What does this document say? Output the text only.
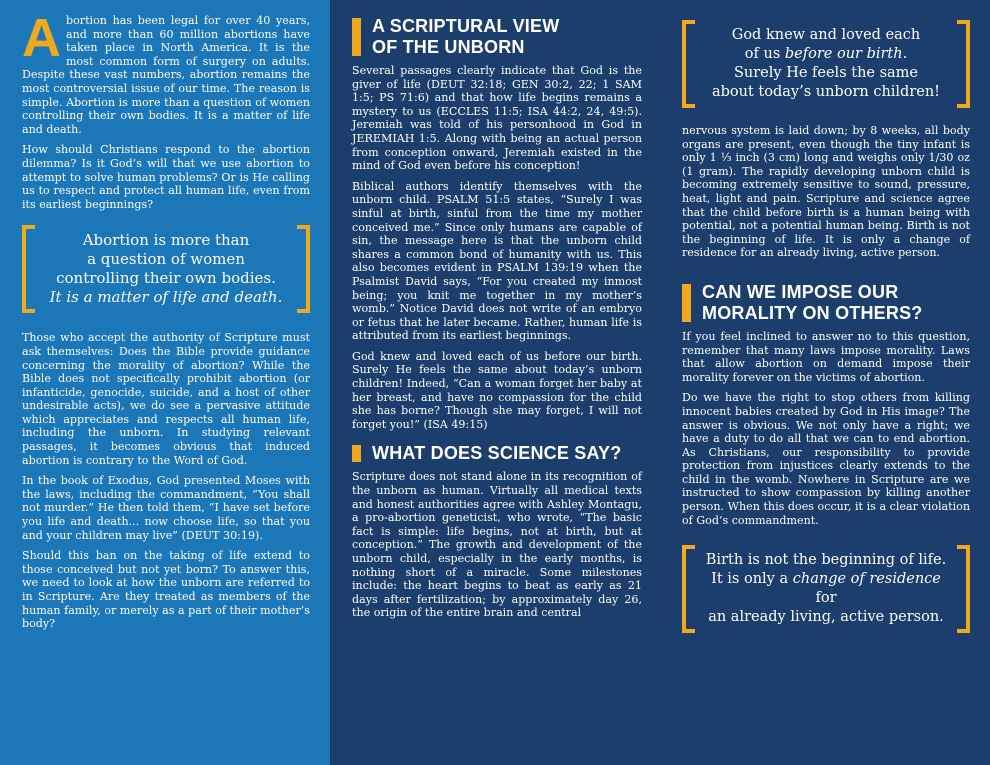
Abortion has been legal for over 40 years, and more than 60 million abortions have taken place in North America. It is the most common form of surgery on adults. Despite these vast numbers, abortion remains the most controversial issue of our time. The reason is simple. Abortion is more than a question of women controlling their own bodies. It is a matter of life and death.

How should Christians respond to the abortion dilemma? Is it God’s will that we use abortion to attempt to solve human problems? Or is He calling us to respect and protect all human life, even from its earliest beginnings?

Abortion is more than
a question of women
controlling their own bodies.
It is a matter of life and death.

Those who accept the authority of Scripture must ask themselves: Does the Bible provide guidance concerning the morality of abortion? While the Bible does not specifically prohibit abortion (or infanticide, genocide, suicide, and a host of other undesirable acts), we do see a pervasive attitude which appreciates and respects all human life, including the unborn. In studying relevant passages, it becomes obvious that induced abortion is contrary to the Word of God.

In the book of Exodus, God presented Moses with the laws, including the commandment, “You shall not murder.” He then told them, “I have set before you life and death... now choose life, so that you and your children may live” (DEUT 30:19).

Should this ban on the taking of life extend to those conceived but not yet born? To answer this, we need to look at how the unborn are referred to in Scripture. Are they treated as members of the human family, or merely as a part of their mother’s body?

A SCRIPTURAL VIEW
OF THE UNBORN

Several passages clearly indicate that God is the giver of life (DEUT 32:18; GEN 30:2, 22; 1 SAM 1:5; PS 71:6) and that how life begins remains a mystery to us (ECCLES 11:5; ISA 44:2, 24, 49:5). Jeremiah was told of his personhood in God in JEREMIAH 1:5. Along with being an actual person from conception onward, Jeremiah existed in the mind of God even before his conception!

Biblical authors identify themselves with the unborn child. PSALM 51:5 states, “Surely I was sinful at birth, sinful from the time my mother conceived me.” Since only humans are capable of sin, the message here is that the unborn child shares a common bond of humanity with us. This also becomes evident in PSALM 139:19 when the Psalmist David says, “For you created my inmost being; you knit me together in my mother’s womb.” Notice David does not write of an embryo or fetus that he later became. Rather, human life is attributed from its earliest beginnings.

God knew and loved each of us before our birth. Surely He feels the same about today’s unborn children! Indeed, “Can a woman forget her baby at her breast, and have no compassion for the child she has borne? Though she may forget, I will not forget you!” (ISA 49:15)

WHAT DOES SCIENCE SAY?

Scripture does not stand alone in its recognition of the unborn as human. Virtually all medical texts and honest authorities agree with Ashley Montagu, a pro-abortion geneticist, who wrote, “The basic fact is simple: life begins, not at birth, but at conception.” The growth and development of the unborn child, especially in the early months, is nothing short of a miracle. Some milestones include: the heart begins to beat as early as 21 days after fertilization; by approximately day 26, the origin of the entire brain and central

God knew and loved each
of us before our birth.
Surely He feels the same
about today’s unborn children!

nervous system is laid down; by 8 weeks, all body organs are present, even though the tiny infant is only 1 ⅓ inch (3 cm) long and weighs only 1/30 oz (1 gram). The rapidly developing unborn child is becoming extremely sensitive to sound, pressure, heat, light and pain. Scripture and science agree that the child before birth is a human being with potential, not a potential human being. Birth is not the beginning of life. It is only a change of residence for an already living, active person.

CAN WE IMPOSE OUR
MORALITY ON OTHERS?

If you feel inclined to answer no to this question, remember that many laws impose morality. Laws that allow abortion on demand impose their morality forever on the victims of abortion.

Do we have the right to stop others from killing innocent babies created by God in His image? The answer is obvious. We not only have a right; we have a duty to do all that we can to end abortion. As Christians, our responsibility to provide protection from injustices clearly extends to the child in the womb. Nowhere in Scripture are we instructed to show compassion by killing another person. When this does occur, it is a clear violation of God’s commandment.

Birth is not the beginning of life.
It is only a change of residence for
an already living, active person.
